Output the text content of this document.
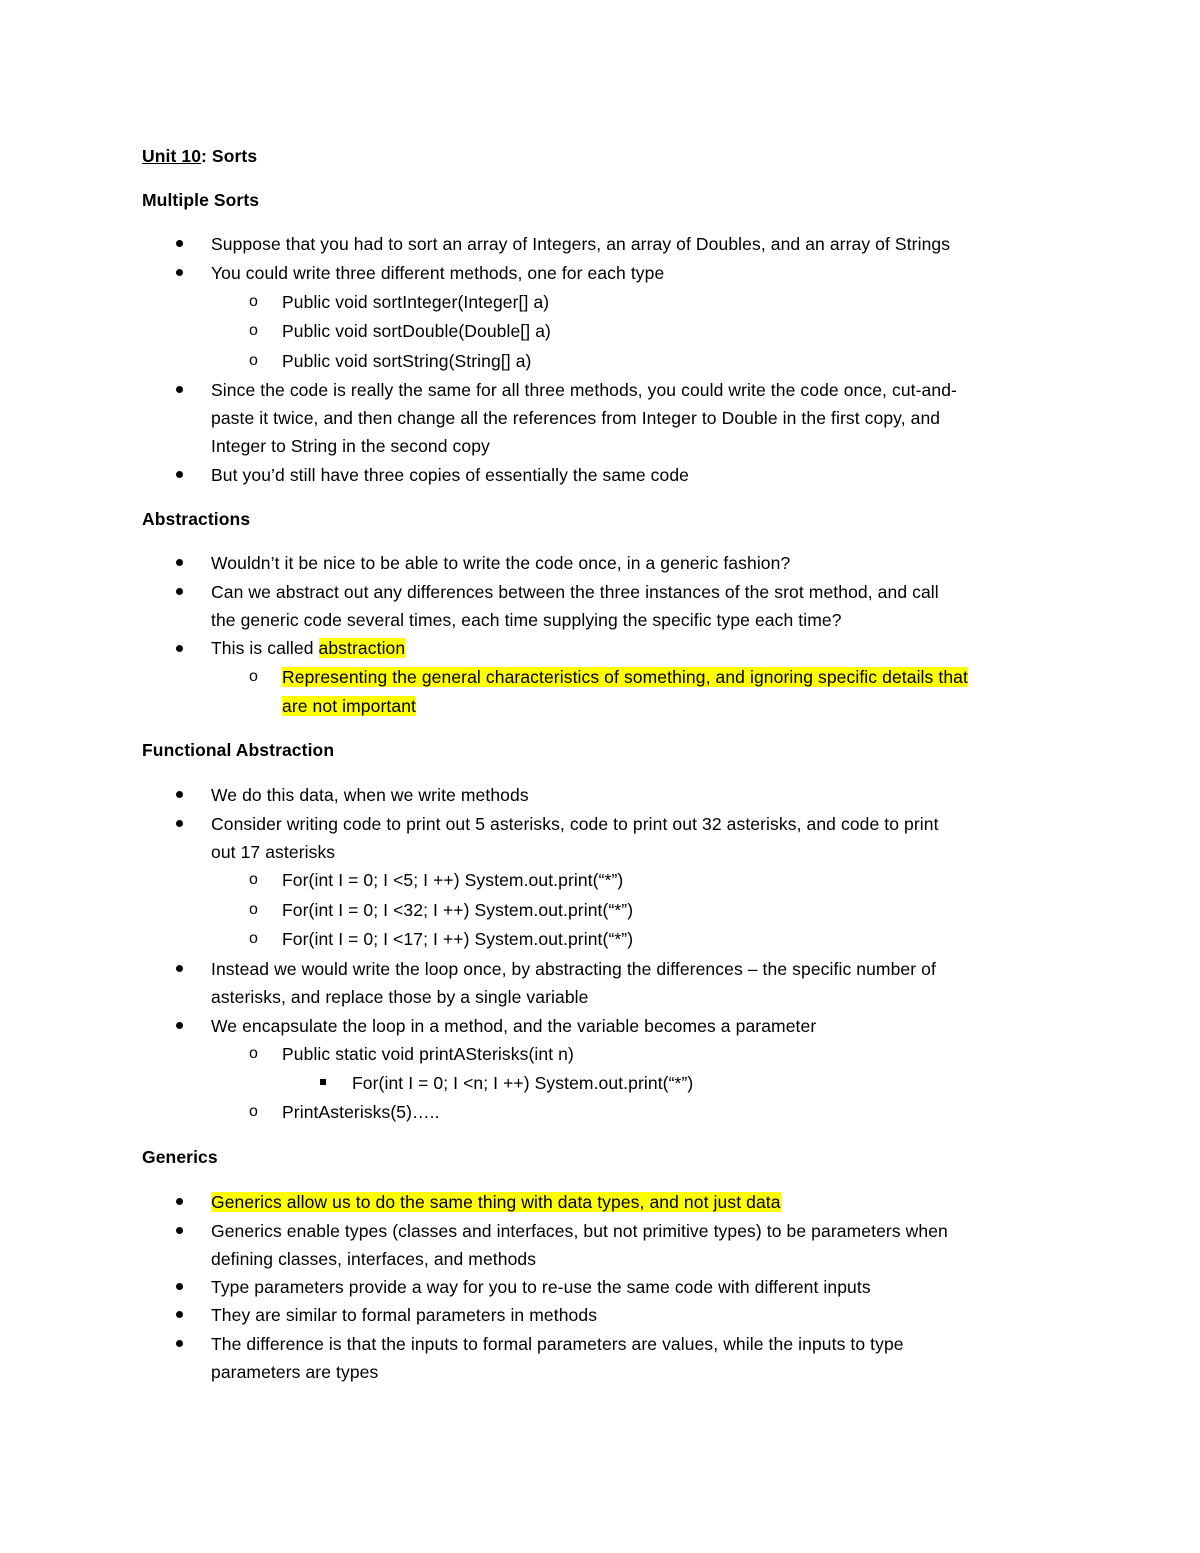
Unit 10: Sorts
Multiple Sorts
Suppose that you had to sort an array of Integers, an array of Doubles, and an array of Strings
You could write three different methods, one for each type
o Public void sortInteger(Integer[] a)
o Public void sortDouble(Double[] a)
o Public void sortString(String[] a)
Since the code is really the same for all three methods, you could write the code once, cut-and-
paste it twice, and then change all the references from Integer to Double in the first copy, and
Integer to String in the second copy
But you’d still have three copies of essentially the same code
Abstractions
Wouldn’t it be nice to be able to write the code once, in a generic fashion?
Can we abstract out any differences between the three instances of the srot method, and call
the generic code several times, each time supplying the specific type each time?
This is called abstraction
o Representing the general characteristics of something, and ignoring specific details that
are not important
Functional Abstraction
We do this data, when we write methods
Consider writing code to print out 5 asterisks, code to print out 32 asterisks, and code to print
out 17 asterisks
o For(int I = 0; I <5; I ++) System.out.print(“*”)
o For(int I = 0; I <32; I ++) System.out.print(“*”)
o For(int I = 0; I <17; I ++) System.out.print(“*”)
Instead we would write the loop once, by abstracting the differences – the specific number of
asterisks, and replace those by a single variable
We encapsulate the loop in a method, and the variable becomes a parameter
o Public static void printASterisks(int n)
For(int I = 0; I <n; I ++) System.out.print(“*”)
o PrintAsterisks(5)…..
Generics
Generics allow us to do the same thing with data types, and not just data
Generics enable types (classes and interfaces, but not primitive types) to be parameters when
defining classes, interfaces, and methods
Type parameters provide a way for you to re-use the same code with different inputs
They are similar to formal parameters in methods
The difference is that the inputs to formal parameters are values, while the inputs to type
parameters are types
